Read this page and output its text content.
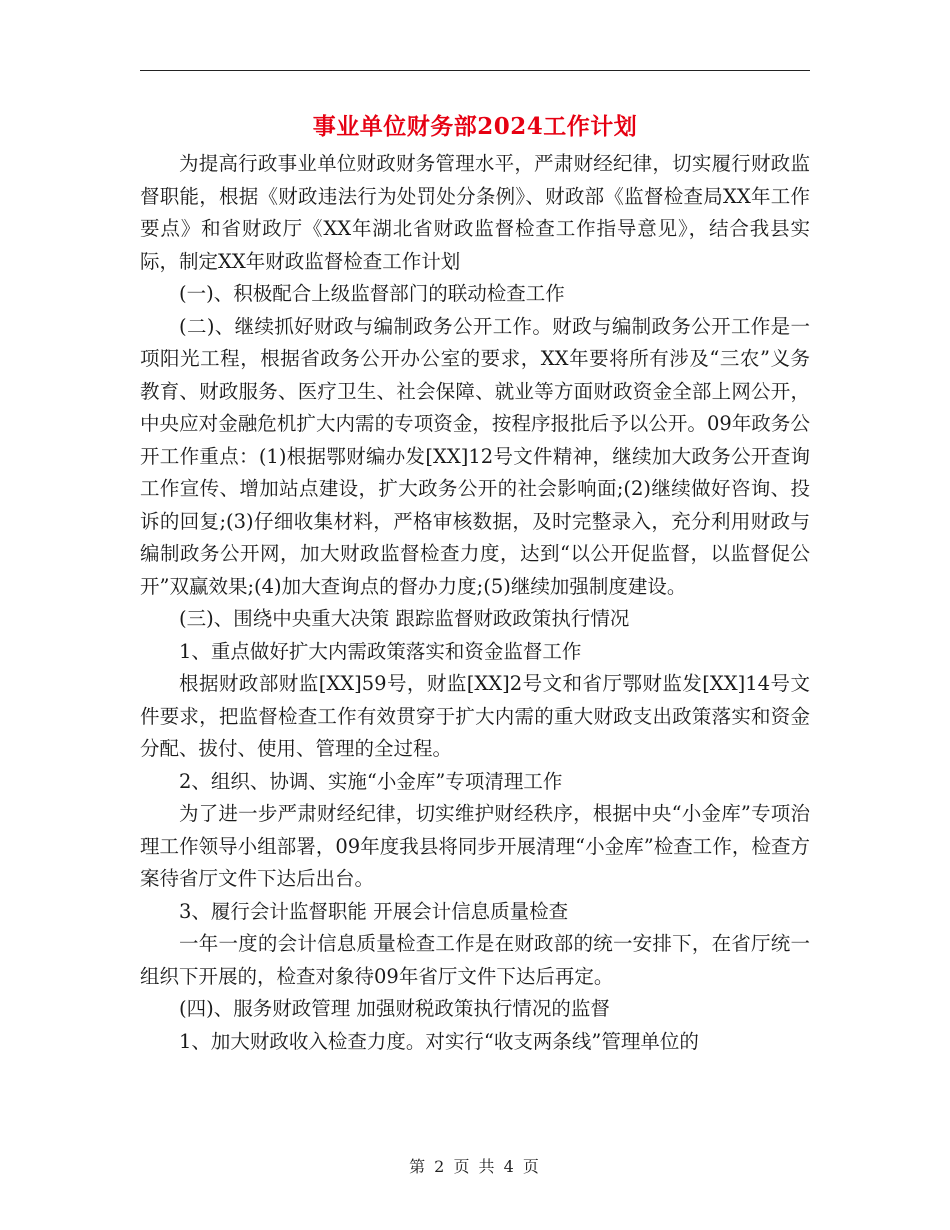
事业单位财务部2024工作计划

为提高行政事业单位财政财务管理水平，严肃财经纪律，切实履行财政监督职能，根据《财政违法行为处罚处分条例》、财政部《监督检查局XX年工作要点》和省财政厅《XX年湖北省财政监督检查工作指导意见》，结合我县实际，制定XX年财政监督检查工作计划

(一)、积极配合上级监督部门的联动检查工作

(二)、继续抓好财政与编制政务公开工作。财政与编制政务公开工作是一项阳光工程，根据省政务公开办公室的要求，XX年要将所有涉及“三农”义务教育、财政服务、医疗卫生、社会保障、就业等方面财政资金全部上网公开，中央应对金融危机扩大内需的专项资金，按程序报批后予以公开。09年政务公开工作重点：(1)根据鄂财编办发[XX]12号文件精神，继续加大政务公开查询工作宣传、增加站点建设，扩大政务公开的社会影响面;(2)继续做好咨询、投诉的回复;(3)仔细收集材料，严格审核数据，及时完整录入，充分利用财政与编制政务公开网，加大财政监督检查力度，达到“以公开促监督，以监督促公开”双赢效果;(4)加大查询点的督办力度;(5)继续加强制度建设。

(三)、围绕中央重大决策 跟踪监督财政政策执行情况

1、重点做好扩大内需政策落实和资金监督工作

根据财政部财监[XX]59号，财监[XX]2号文和省厅鄂财监发[XX]14号文件要求，把监督检查工作有效贯穿于扩大内需的重大财政支出政策落实和资金分配、拔付、使用、管理的全过程。

2、组织、协调、实施“小金库”专项清理工作

为了进一步严肃财经纪律，切实维护财经秩序，根据中央“小金库”专项治理工作领导小组部署，09年度我县将同步开展清理“小金库”检查工作，检查方案待省厅文件下达后出台。

3、履行会计监督职能 开展会计信息质量检查

一年一度的会计信息质量检查工作是在财政部的统一安排下，在省厅统一组织下开展的，检查对象待09年省厅文件下达后再定。

(四)、服务财政管理 加强财税政策执行情况的监督

1、加大财政收入检查力度。对实行“收支两条线”管理单位的

第 2 页 共 4 页
